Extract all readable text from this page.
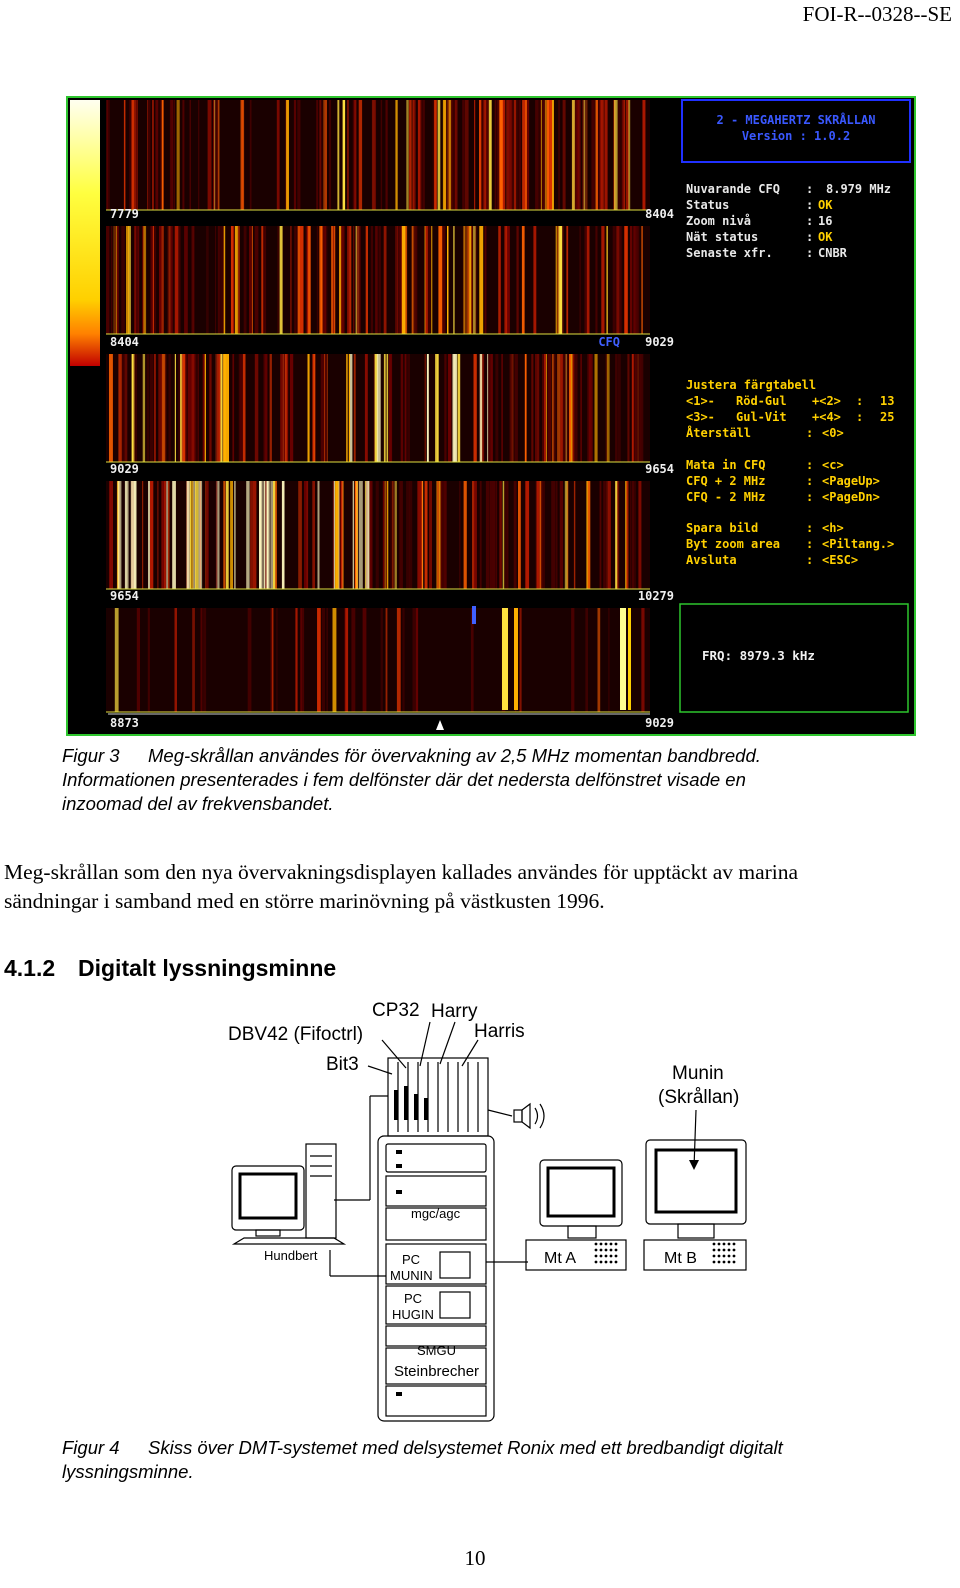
FOI-R--0328--SE
7779	8404
8404	CFQ 9029
9029	9654
9654	10279
8873	9029
2 - MEGAHERTZ SKRÅLLAN
Version : 1.0.2
Nuvarande CFQ : 8.979 MHz
Status	: OK
Zoom nivå	: 16
Nät status	: OK
Senaste xfr.	: CNBR
Justera färgtabell
<1>- Röd-Gul +<2> : 13
<3>- Gul-Vit +<4> : 25
Återställ	: <0>
Mata in CFQ	: <c>
CFQ + 2 MHz	: <PageUp>
CFQ - 2 MHz	: <PageDn>
Spara bild	: <h>
Byt zoom area : <Piltang.>
Avsluta	: <ESC>
FRQ: 8979.3 kHz
Figur 3 Meg-skrållan användes för övervakning av 2,5 MHz momentan bandbredd.
Informationen presenterades i fem delfönster där det nedersta delfönstret visade en
inzoomad del av frekvensbandet.
Meg-skrållan som den nya övervakningsdisplayen kallades användes för upptäckt av marina
sändningar i samband med en större marinövning på västkusten 1996.
4.1.2 Digitalt lyssningsminne
CP32 Harry
Harris
DBV42 (Fifoctrl)
Bit3	Munin
(Skrållan)
Hundbert
mgc/agc
PC
MUNIN
PC
HUGIN
SMGU
Steinbrecher
Mt A	Mt B
Figur 4 Skiss över DMT-systemet med delsystemet Ronix med ett bredbandigt digitalt
lyssningsminne.
10
